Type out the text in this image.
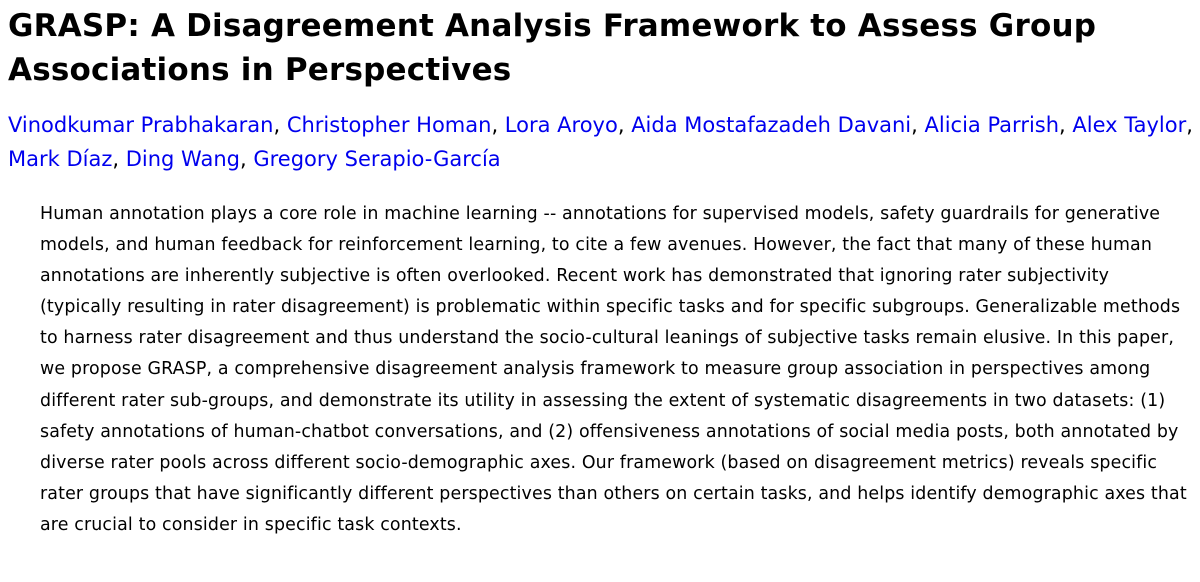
GRASP: A Disagreement Analysis Framework to Assess Group Associations in Perspectives
Vinodkumar Prabhakaran, Christopher Homan, Lora Aroyo, Aida Mostafazadeh Davani, Alicia Parrish, Alex Taylor, Mark Díaz, Ding Wang, Gregory Serapio-García

Human annotation plays a core role in machine learning -- annotations for supervised models, safety guardrails for generative models, and human feedback for reinforcement learning, to cite a few avenues. However, the fact that many of these human annotations are inherently subjective is often overlooked. Recent work has demonstrated that ignoring rater subjectivity (typically resulting in rater disagreement) is problematic within specific tasks and for specific subgroups. Generalizable methods to harness rater disagreement and thus understand the socio-cultural leanings of subjective tasks remain elusive. In this paper, we propose GRASP, a comprehensive disagreement analysis framework to measure group association in perspectives among different rater sub-groups, and demonstrate its utility in assessing the extent of systematic disagreements in two datasets: (1) safety annotations of human-chatbot conversations, and (2) offensiveness annotations of social media posts, both annotated by diverse rater pools across different socio-demographic axes. Our framework (based on disagreement metrics) reveals specific rater groups that have significantly different perspectives than others on certain tasks, and helps identify demographic axes that are crucial to consider in specific task contexts.
